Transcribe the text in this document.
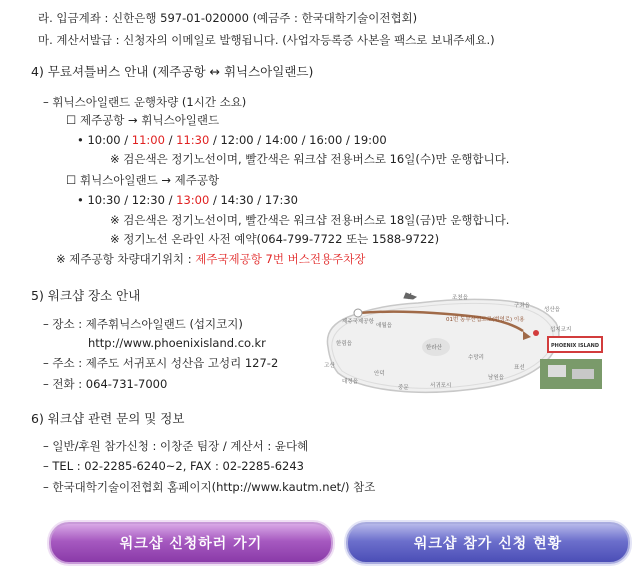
라. 입금계좌 : 신한은행 597-01-020000 (예금주 : 한국대학기술이전협회)
마. 계산서발급 : 신청자의 이메일로 발행됩니다. (사업자등록증 사본을 팩스로 보내주세요.)
4) 무료셔틀버스 안내 (제주공항 ↔ 휘닉스아일랜드)
– 휘닉스아일랜드 운행차량 (1시간 소요)
☐ 제주공항 → 휘닉스아일랜드
• 10:00 / 11:00 / 11:30 / 12:00 / 14:00 / 16:00 / 19:00
※ 검은색은 정기노선이며, 빨간색은 워크샵 전용버스로 16일(수)만 운행합니다.
☐ 휘닉스아일랜드 → 제주공항
• 10:30 / 12:30 / 13:00 / 14:30 / 17:30
※ 검은색은 정기노선이며, 빨간색은 워크샵 전용버스로 18일(금)만 운행합니다.
※ 정기노선 온라인 사전 예약(064-799-7722 또는 1588-9722)
※ 제주공항 차량대기위치 : 제주국제공항 7번 버스전용주차장
5) 워크샵 장소 안내
– 장소 : 제주휘닉스아일랜드 (섭지코지)
http://www.phoenixisland.co.kr
– 주소 : 제주도 서귀포시 성산읍 고성리 127-2
– 전화 : 064-731-7000
제주국제공항	01번 동부산업도로(번영로) 이용
섭지코지
PHOENIX ISLAND
조천읍
구좌읍
한림읍
애월읍
성산읍
한라산
수망리
표선
남원읍
대정읍
안덕
서귀포시
중문
고산
6) 워크샵 관련 문의 및 정보
– 일반/후원 참가신청 : 이창준 팀장 / 계산서 : 윤다혜
– TEL : 02-2285-6240~2, FAX : 02-2285-6243
– 한국대학기술이전협회 홈페이지(http://www.kautm.net/) 참조
워크샵 신청하러 가기	워크샵 참가 신청 현황
